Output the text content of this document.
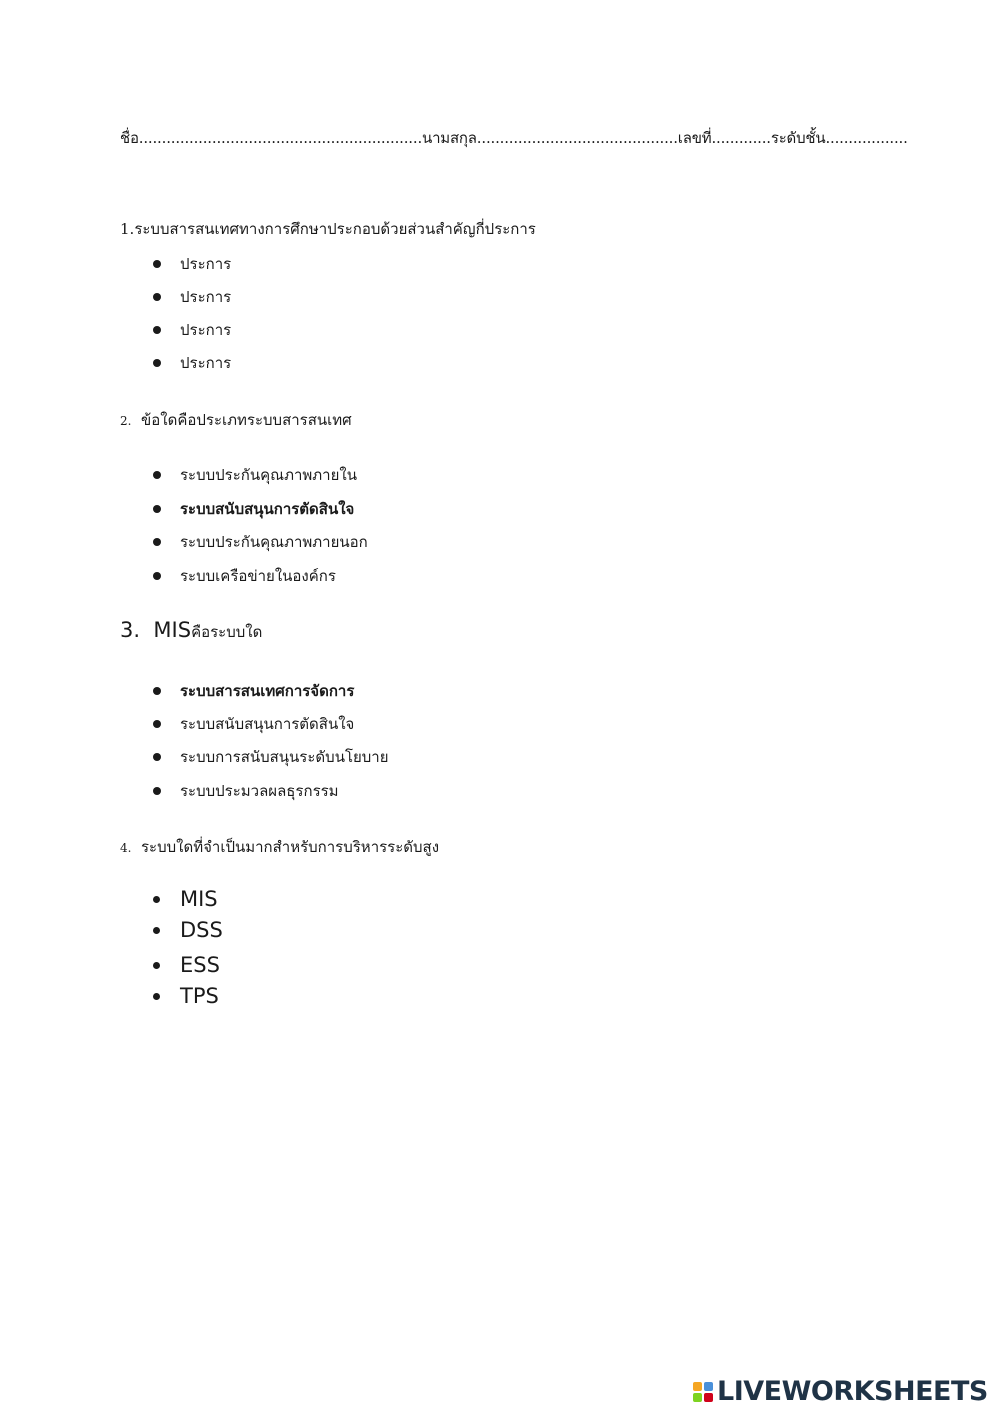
ชื่อ..............................................................นามสกุล............................................เลขที่.............ระดับชั้น..................
1.ระบบสารสนเทศทางการศึกษาประกอบด้วยส่วนสำคัญกี่ประการ
ประการ
ประการ
ประการ
ประการ
2. ข้อใดคือประเภทระบบสารสนเทศ
ระบบประกันคุณภาพภายใน
ระบบสนับสนุนการตัดสินใจ
ระบบประกันคุณภาพภายนอก
ระบบเครือข่ายในองค์กร
3. MISคือระบบใด
ระบบสารสนเทศการจัดการ
ระบบสนับสนุนการตัดสินใจ
ระบบการสนับสนุนระดับนโยบาย
ระบบประมวลผลธุรกรรม
4. ระบบใดที่จำเป็นมากสำหรับการบริหารระดับสูง
MIS
DSS
ESS
TPS
LIVEWORKSHEETS
